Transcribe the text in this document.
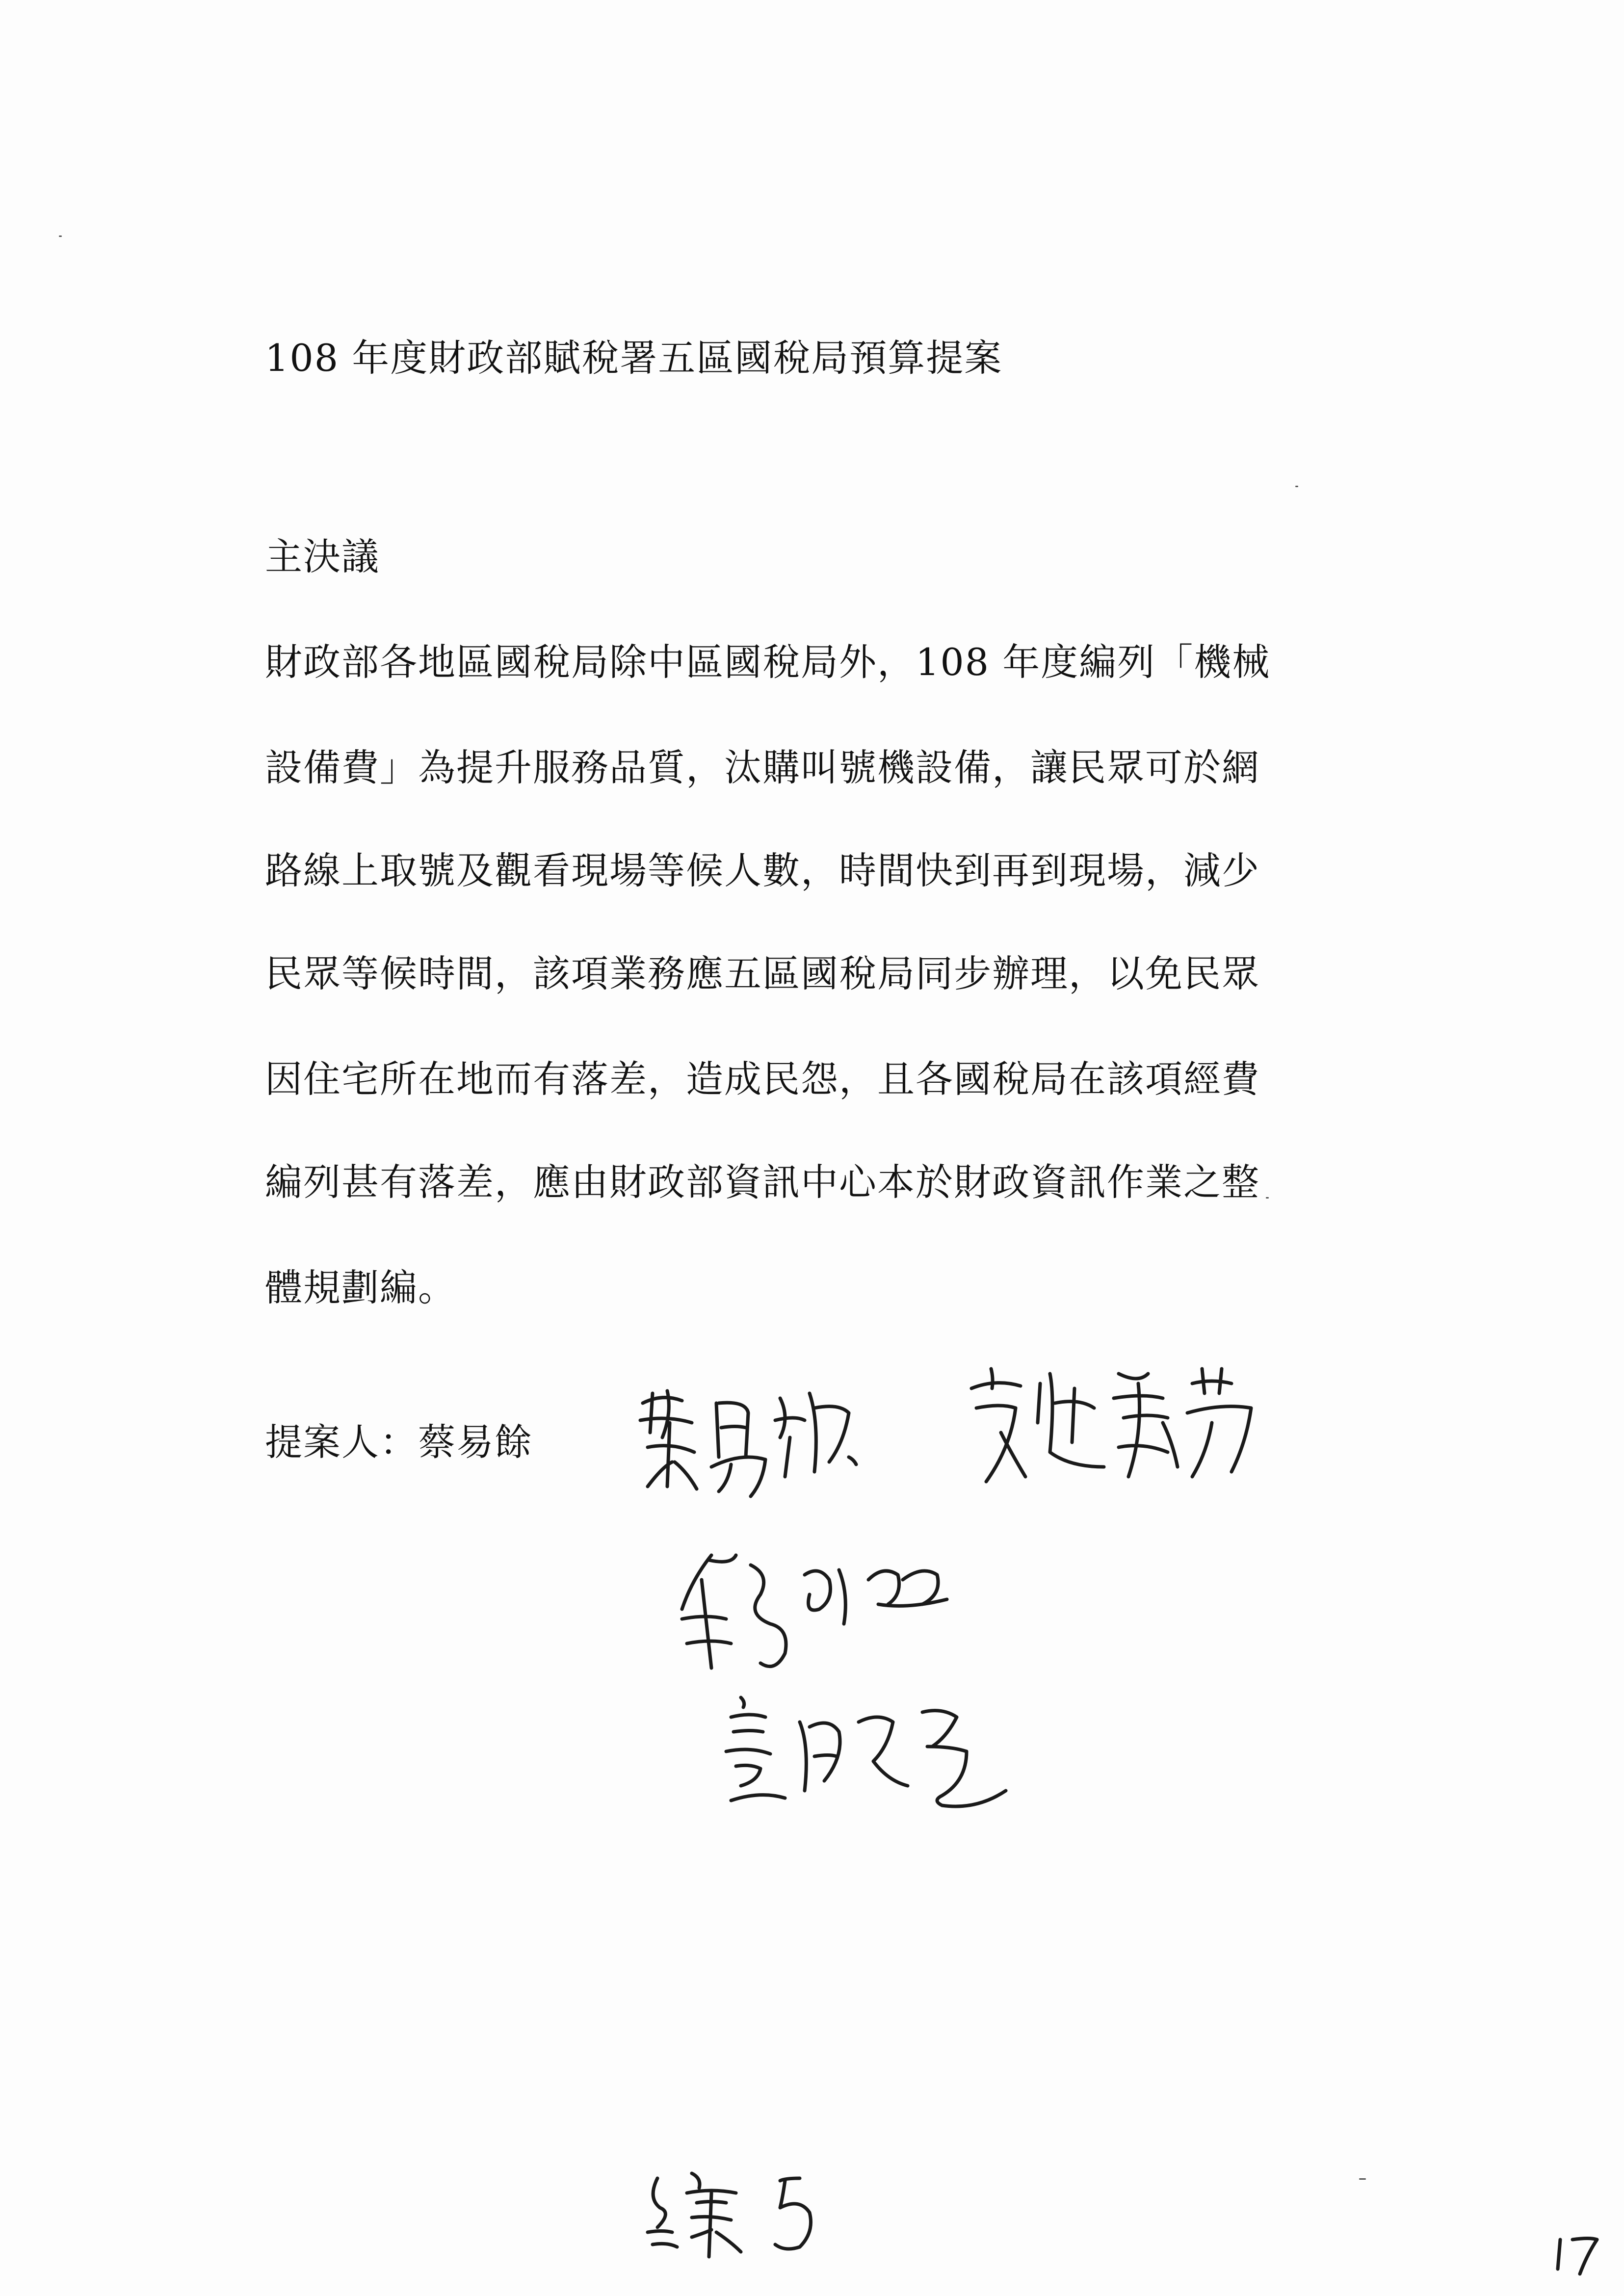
108 年度財政部賦稅署五區國稅局預算提案

主決議

財政部各地區國稅局除中區國稅局外，108 年度編列「機械

設備費」為提升服務品質，汰購叫號機設備，讓民眾可於網

路線上取號及觀看現場等候人數，時間快到再到現場，減少

民眾等候時間，該項業務應五區國稅局同步辦理，以免民眾

因住宅所在地而有落差，造成民怨，且各國稅局在該項經費

編列甚有落差，應由財政部資訊中心本於財政資訊作業之整

體規劃編。

提案人：蔡易餘
